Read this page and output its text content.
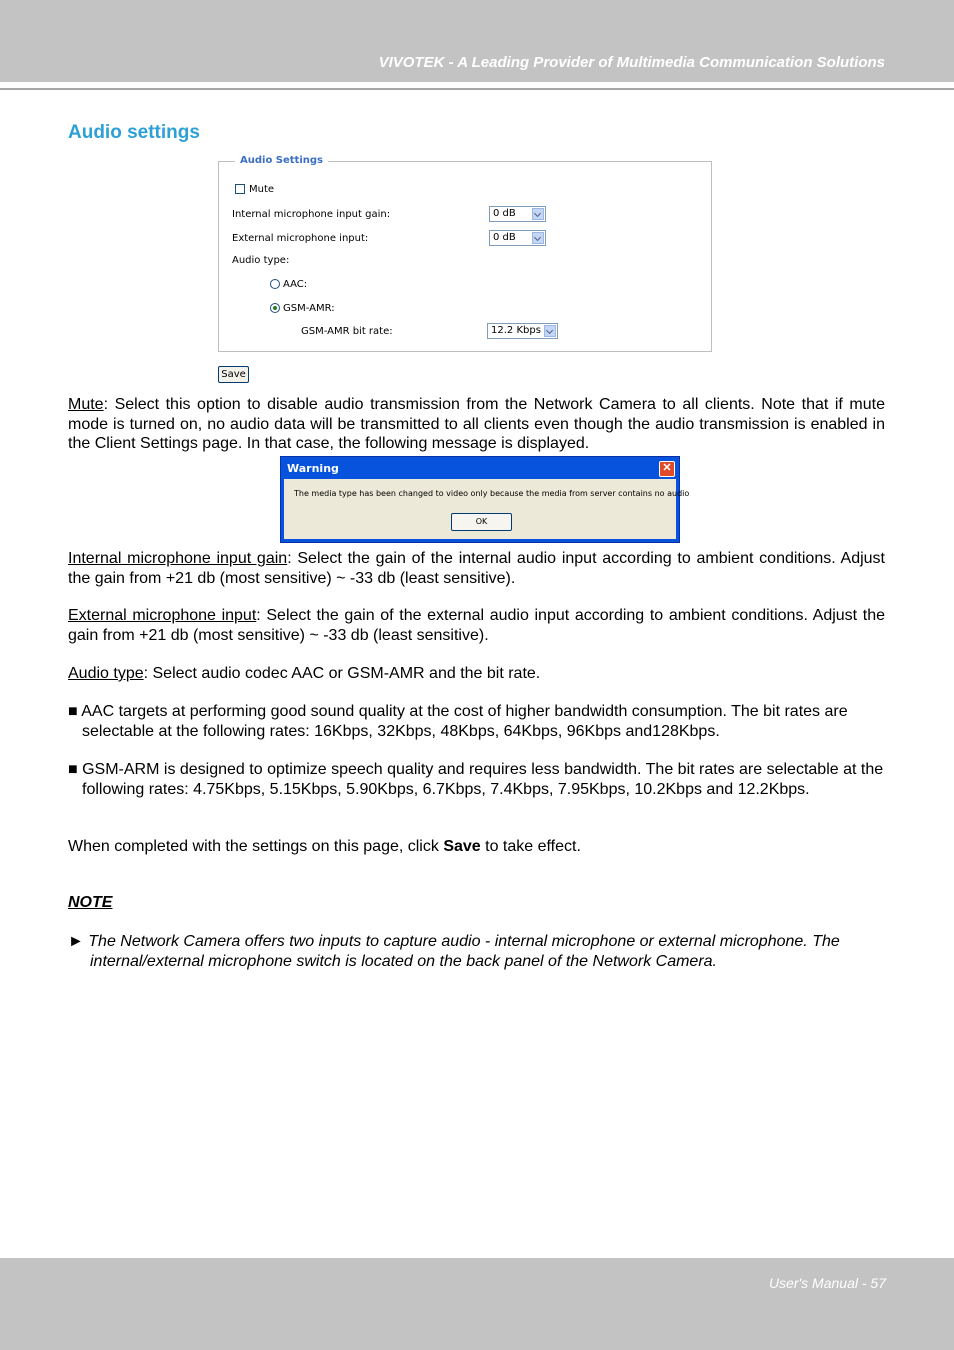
VIVOTEK - A Leading Provider of Multimedia Communication Solutions
Audio settings
Audio Settings
Mute
Internal microphone input gain:	0 dB
External microphone input:	0 dB
Audio type:
AAC:
GSM-AMR:
GSM-AMR bit rate:	12.2 Kbps
Save

Mute: Select this option to disable audio transmission from the Network Camera to all clients. Note that if mute mode is turned on, no audio data will be transmitted to all clients even though the audio transmission is enabled in the Client Settings page. In that case, the following message is displayed.

Warning	✕
The media type has been changed to video only because the media from server contains no audio
OK

Internal microphone input gain: Select the gain of the internal audio input according to ambient conditions. Adjust the gain from +21 db (most sensitive) ~ -33 db (least sensitive).

External microphone input: Select the gain of the external audio input according to ambient conditions. Adjust the gain from +21 db (most sensitive) ~ -33 db (least sensitive).

Audio type: Select audio codec AAC or GSM-AMR and the bit rate.

■ AAC targets at performing good sound quality at the cost of higher bandwidth consumption. The bit rates are selectable at the following rates: 16Kbps, 32Kbps, 48Kbps, 64Kbps, 96Kbps and128Kbps.

■ GSM-ARM is designed to optimize speech quality and requires less bandwidth. The bit rates are selectable at the following rates: 4.75Kbps, 5.15Kbps, 5.90Kbps, 6.7Kbps, 7.4Kbps, 7.95Kbps, 10.2Kbps and 12.2Kbps.

When completed with the settings on this page, click Save to take effect.

NOTE

► The Network Camera offers two inputs to capture audio - internal microphone or external microphone. The internal/external microphone switch is located on the back panel of the Network Camera.

User's Manual - 57
